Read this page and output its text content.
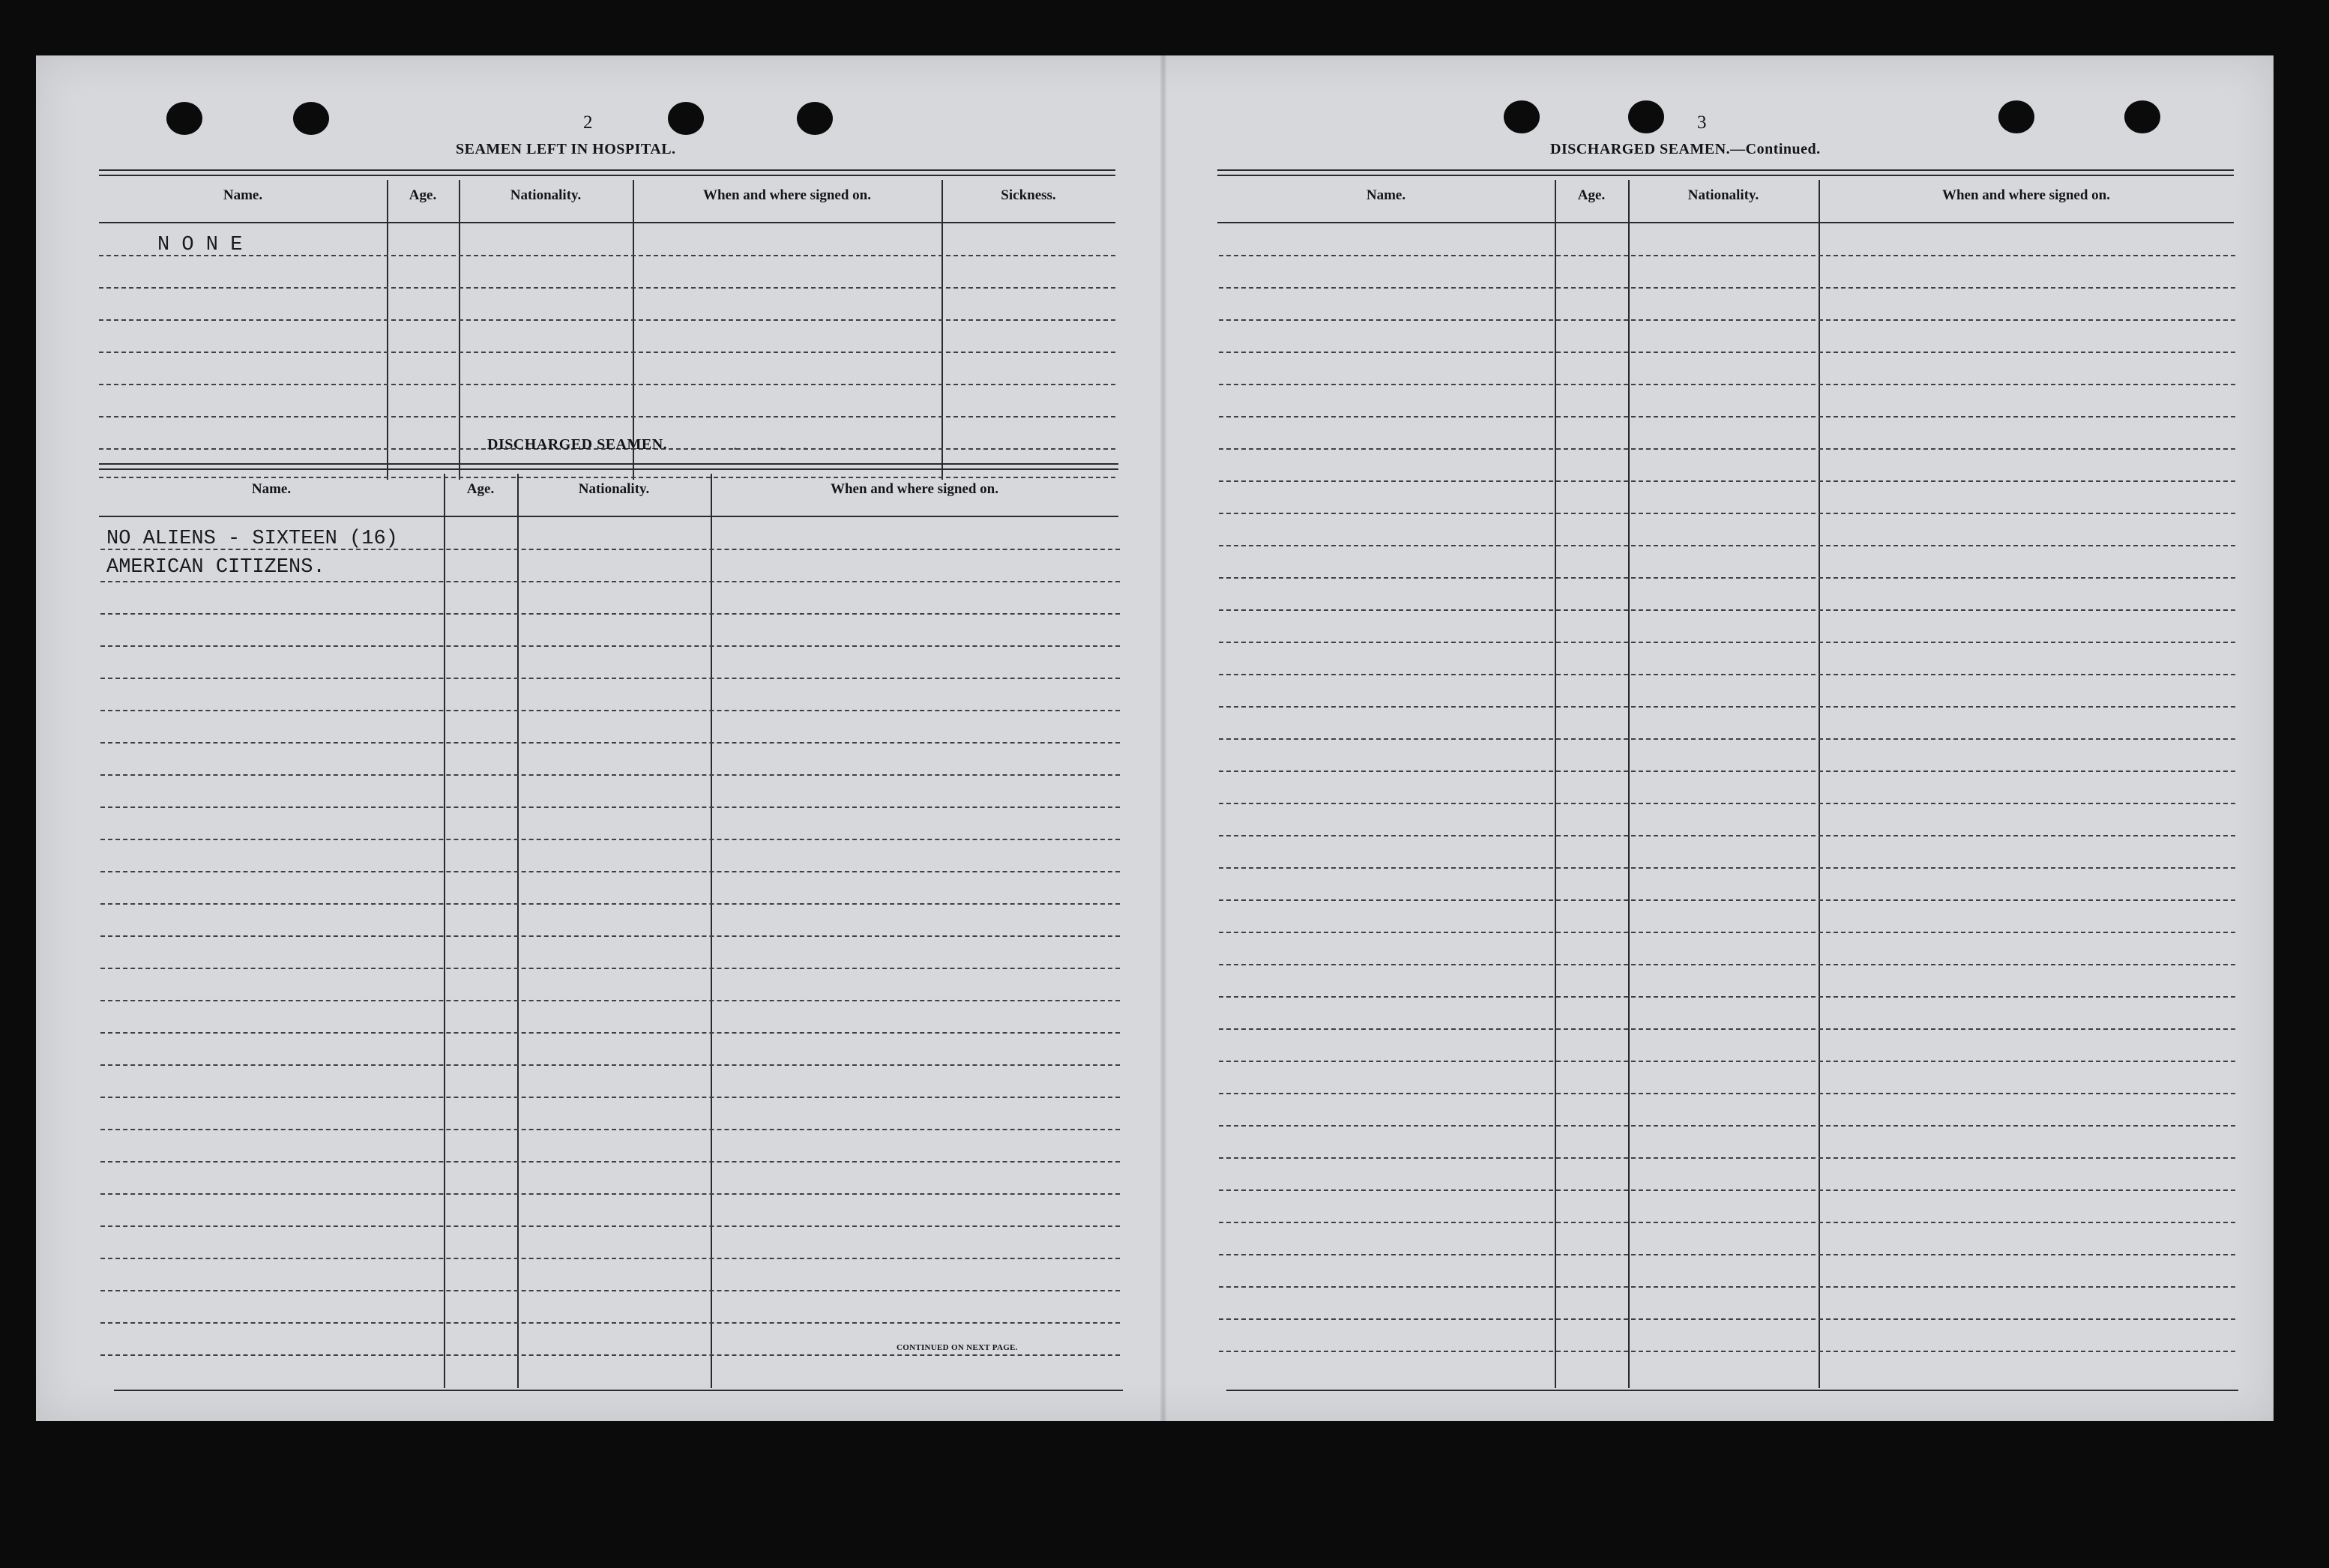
2
SEAMEN LEFT IN HOSPITAL.
Name.	Age.	Nationality.	When and where signed on.	Sickness.
N O N E
DISCHARGED SEAMEN.	. . . .
Name.	Age.	Nationality.	When and where signed on.
NO ALIENS - SIXTEEN (16)
AMERICAN CITIZENS.
CONTINUED ON NEXT PAGE.
3
DISCHARGED SEAMEN.—Continued.
Name.	Age.	Nationality.	When and where signed on.
